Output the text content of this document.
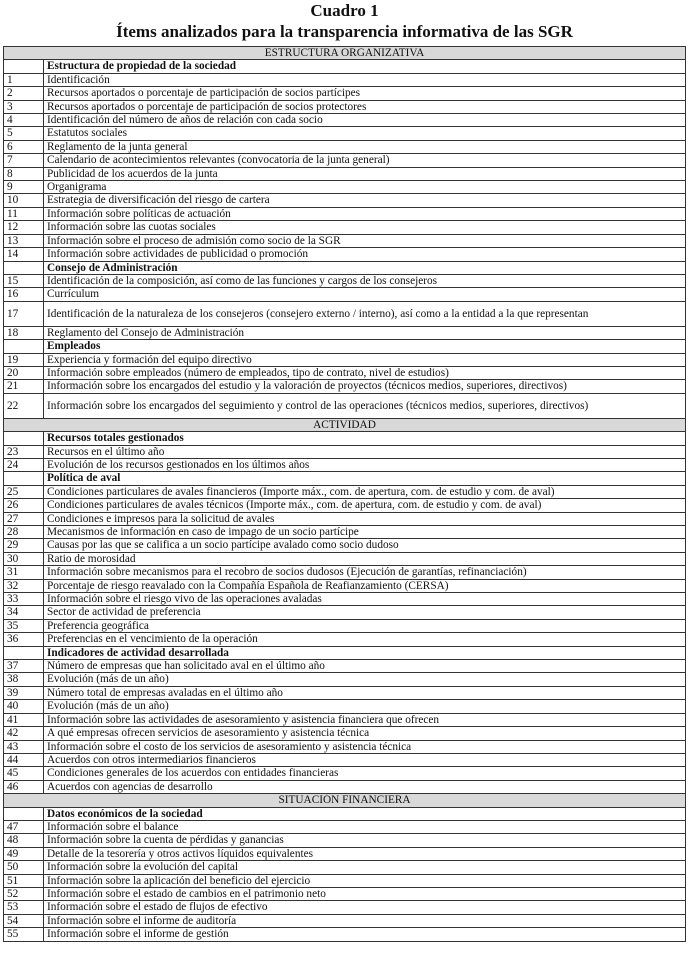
Cuadro 1
Ítems analizados para la transparencia informativa de las SGR
ESTRUCTURA ORGANIZATIVA	
	Estructura de propiedad de la sociedad
1	Identificación
2	Recursos aportados o porcentaje de participación de socios partícipes
3	Recursos aportados o porcentaje de participación de socios protectores
4	Identificación del número de años de relación con cada socio
5	Estatutos sociales
6	Reglamento de la junta general
7	Calendario de acontecimientos relevantes (convocatoria de la junta general)
8	Publicidad de los acuerdos de la junta
9	Organigrama
10	Estrategia de diversificación del riesgo de cartera
11	Información sobre políticas de actuación
12	Información sobre las cuotas sociales
13	Información sobre el proceso de admisión como socio de la SGR
14	Información sobre actividades de publicidad o promoción
	Consejo de Administración
15	Identificación de la composición, así como de las funciones y cargos de los consejeros
16	Currículum
17	Identificación de la naturaleza de los consejeros (consejero externo / interno), así como a la entidad a la que representan
18	Reglamento del Consejo de Administración
	Empleados
19	Experiencia y formación del equipo directivo
20	Información sobre empleados (número de empleados, tipo de contrato, nivel de estudios)
21	Información sobre los encargados del estudio y la valoración de proyectos (técnicos medios, superiores, directivos)
22	Información sobre los encargados del seguimiento y control de las operaciones (técnicos medios, superiores, directivos)
ACTIVIDAD	
	Recursos totales gestionados
23	Recursos en el último año
24	Evolución de los recursos gestionados en los últimos años
	Política de aval
25	Condiciones particulares de avales financieros (Importe máx., com. de apertura, com. de estudio y com. de aval)
26	Condiciones particulares de avales técnicos (Importe máx., com. de apertura, com. de estudio y com. de aval)
27	Condiciones e impresos para la solicitud de avales
28	Mecanismos de información en caso de impago de un socio partícipe
29	Causas por las que se califica a un socio partícipe avalado como socio dudoso
30	Ratio de morosidad
31	Información sobre mecanismos para el recobro de socios dudosos (Ejecución de garantías, refinanciación)
32	Porcentaje de riesgo reavalado con la Compañía Española de Reafianzamiento (CERSA)
33	Información sobre el riesgo vivo de las operaciones avaladas
34	Sector de actividad de preferencia
35	Preferencia geográfica
36	Preferencias en el vencimiento de la operación
	Indicadores de actividad desarrollada
37	Número de empresas que han solicitado aval en el último año
38	Evolución (más de un año)
39	Número total de empresas avaladas en el último año
40	Evolución (más de un año)
41	Información sobre las actividades de asesoramiento y asistencia financiera que ofrecen
42	A qué empresas ofrecen servicios de asesoramiento y asistencia técnica
43	Información sobre el costo de los servicios de asesoramiento y asistencia técnica
44	Acuerdos con otros intermediarios financieros
45	Condiciones generales de los acuerdos con entidades financieras
46	Acuerdos con agencias de desarrollo
SITUACIÓN FINANCIERA	
	Datos económicos de la sociedad
47	Información sobre el balance
48	Información sobre la cuenta de pérdidas y ganancias
49	Detalle de la tesorería y otros activos líquidos equivalentes
50	Información sobre la evolución del capital
51	Información sobre la aplicación del beneficio del ejercicio
52	Información sobre el estado de cambios en el patrimonio neto
53	Información sobre el estado de flujos de efectivo
54	Información sobre el informe de auditoría
55	Información sobre el informe de gestión
